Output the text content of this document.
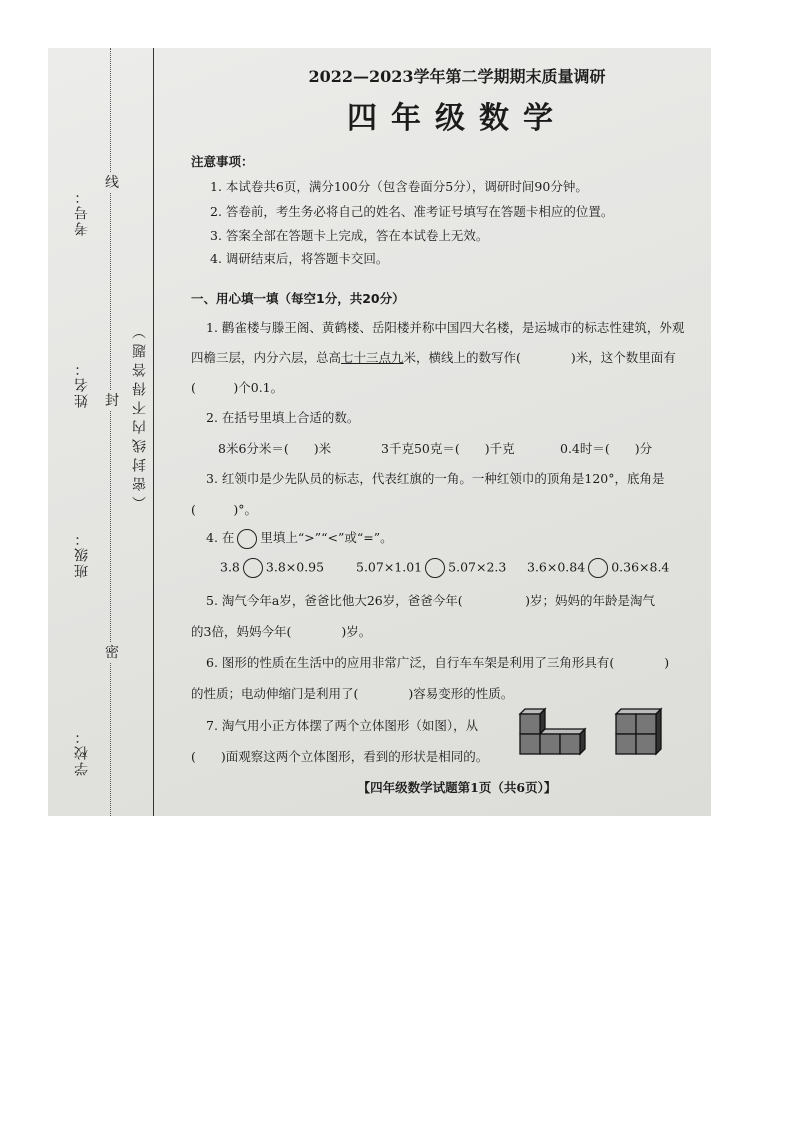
考号：
姓名：
班级：
学校：
线
封
密
（密封线内不得答题）
2022—2023学年第二学期期末质量调研
四年级数学
注意事项：
1. 本试卷共6页，满分100分（包含卷面分5分），调研时间90分钟。
2. 答卷前，考生务必将自己的姓名、准考证号填写在答题卡相应的位置。
3. 答案全部在答题卡上完成，答在本试卷上无效。
4. 调研结束后，将答题卡交回。
一、用心填一填（每空1分，共20分）
1. 鹳雀楼与滕王阁、黄鹤楼、岳阳楼并称中国四大名楼，是运城市的标志性建筑，外观
四檐三层，内分六层，总高七十三点九米，横线上的数写作(　　　　)米，这个数里面有
(　　　)个0.1。
2. 在括号里填上合适的数。
8米6分米＝(　　)米	3千克50克＝(　　)千克	0.4时＝(　　)分
3. 红领巾是少先队员的标志，代表红旗的一角。一种红领巾的顶角是120°，底角是
(　　　)°。
4. 在 里填上“>”“<”或“=”。
3.8 3.8×0.95	5.07×1.01 5.07×2.3 3.6×0.84 0.36×8.4
5. 淘气今年a岁，爸爸比他大26岁，爸爸今年(　　　　　)岁；妈妈的年龄是淘气
的3倍，妈妈今年(　　　　)岁。
6. 图形的性质在生活中的应用非常广泛，自行车车架是利用了三角形具有(　　　　)
的性质；电动伸缩门是利用了(　　　　)容易变形的性质。
7. 淘气用小正方体摆了两个立体图形（如图），从
(　　)面观察这两个立体图形，看到的形状是相同的。
【四年级数学试题第1页（共6页）】
